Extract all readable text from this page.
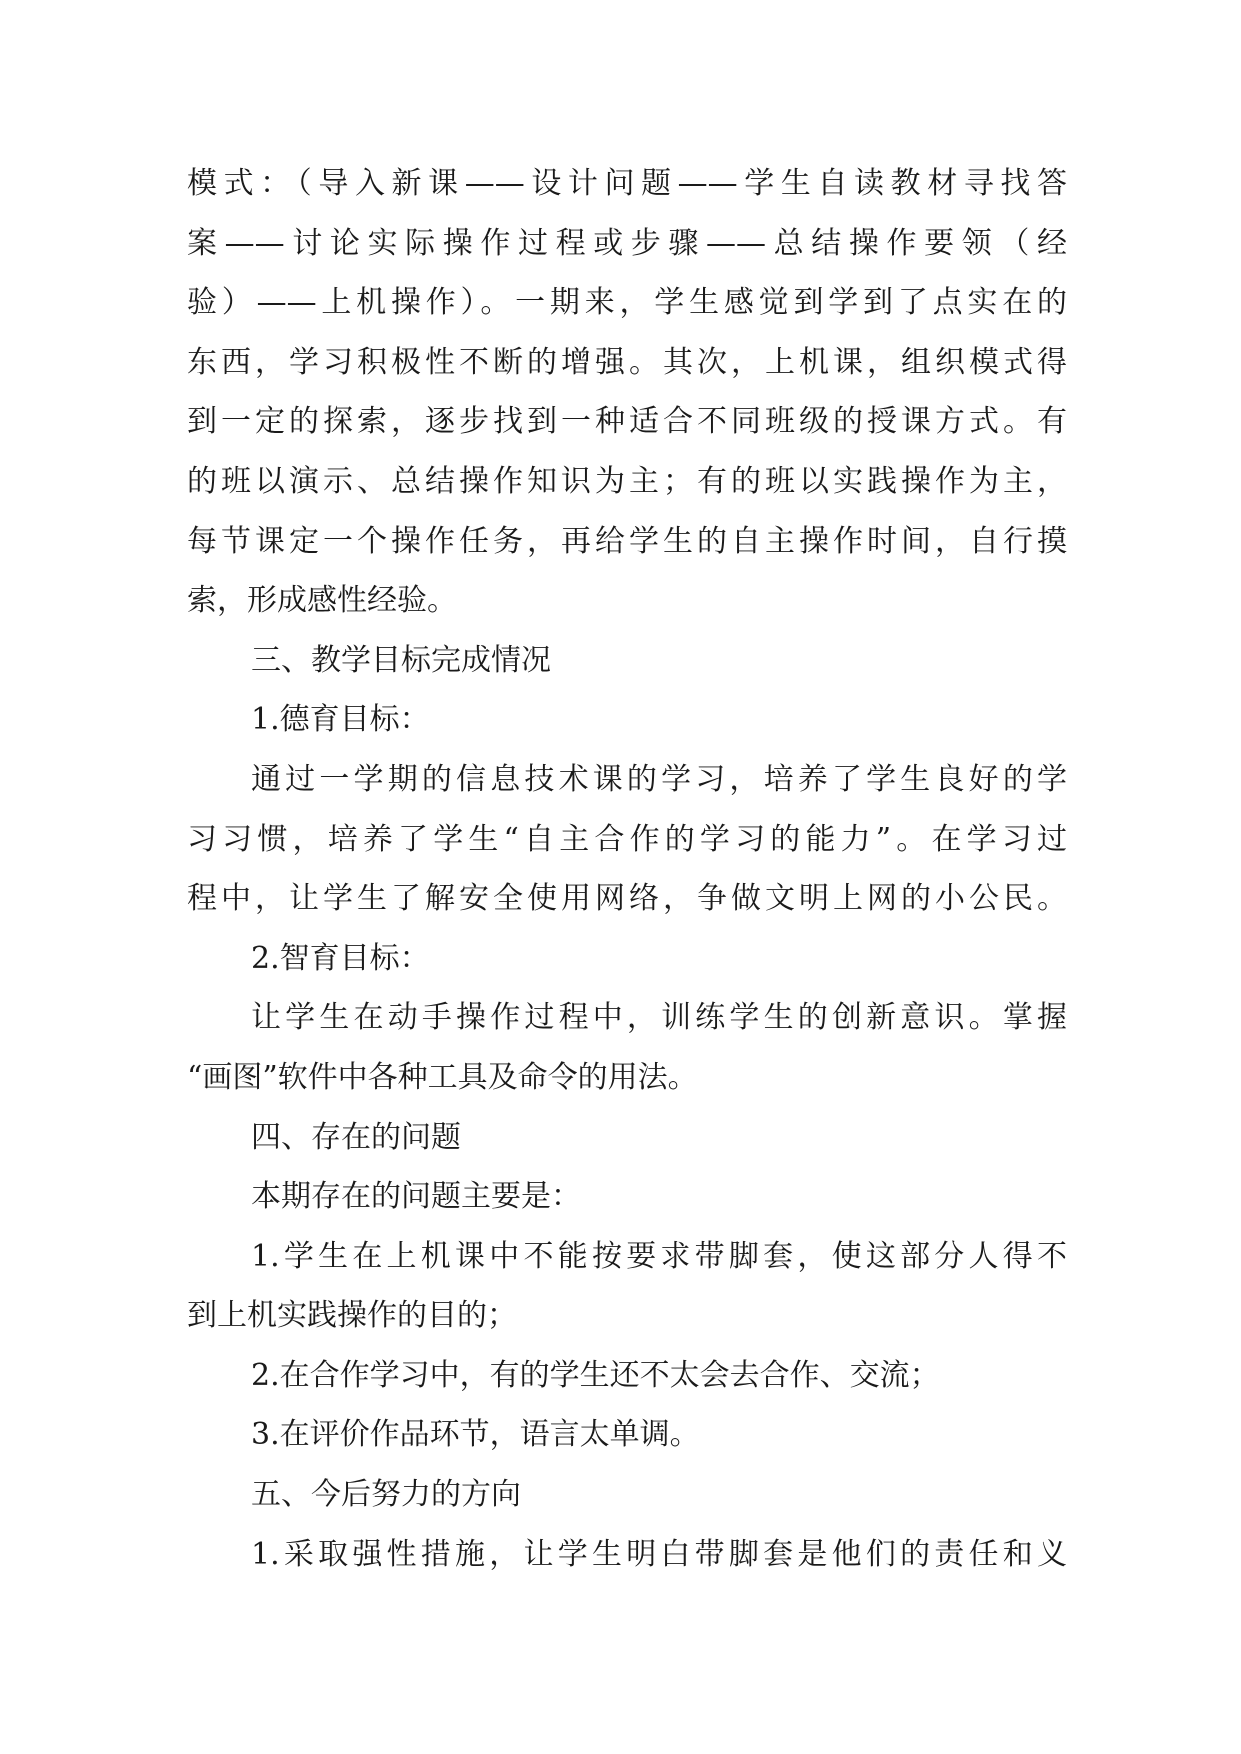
模式：（导入新课——设计问题——学生自读教材寻找答
案——讨论实际操作过程或步骤——总结操作要领（经
验）——上机操作）。一期来，学生感觉到学到了点实在的
东西，学习积极性不断的增强。其次，上机课，组织模式得
到一定的探索，逐步找到一种适合不同班级的授课方式。有
的班以演示、总结操作知识为主；有的班以实践操作为主，
每节课定一个操作任务，再给学生的自主操作时间，自行摸
索，形成感性经验。
三、教学目标完成情况
1.德育目标：
通过一学期的信息技术课的学习，培养了学生良好的学
习习惯，培养了学生“自主合作的学习的能力”。在学习过
程中，让学生了解安全使用网络，争做文明上网的小公民。
2.智育目标：
让学生在动手操作过程中，训练学生的创新意识。掌握
“画图”软件中各种工具及命令的用法。
四、存在的问题
本期存在的问题主要是：
1.学生在上机课中不能按要求带脚套，使这部分人得不
到上机实践操作的目的；
2.在合作学习中，有的学生还不太会去合作、交流；
3.在评价作品环节，语言太单调。
五、今后努力的方向
1.采取强性措施，让学生明白带脚套是他们的责任和义
